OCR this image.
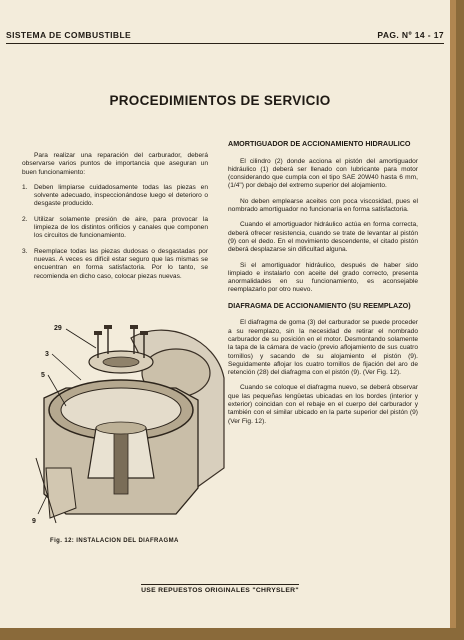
SISTEMA DE COMBUSTIBLE	PAG. Nº 14 - 17
PROCEDIMIENTOS DE SERVICIO

Para realizar una reparación del carburador, deberá observarse varios puntos de importancia que aseguran un buen funcionamiento:

1. Deben limpiarse cuidadosamente todas las piezas en solvente adecuado, inspeccionándose luego el deterioro o desgaste producido.
2. Utilizar solamente presión de aire, para provocar la limpieza de los distintos orificios y canales que componen los circuitos de funcionamiento.
3. Reemplace todas las piezas dudosas o desgastadas por nuevas. A veces es difícil estar seguro que las mismas se encuentran en forma satisfactoria. Por lo tanto, se recomienda en dicho caso, colocar piezas nuevas.
29
3
5
9
Fig. 12: INSTALACION DEL DIAFRAGMA
AMORTIGUADOR DE ACCIONAMIENTO HIDRAULICO

El cilindro (2) donde acciona el pistón del amortiguador hidráulico (1) deberá ser llenado con lubricante para motor (considerando que cumpla con el tipo SAE 20W40 hasta 6 mm, (1/4") por debajo del extremo superior del alojamiento.

No deben emplearse aceites con poca viscosidad, pues el nombrado amortiguador no funcionaría en forma satisfactoria.

Cuando el amortiguador hidráulico actúa en forma correcta, deberá ofrecer resistencia, cuando se trate de levantar al pistón (9) con el dedo. En el movimiento descendente, el citado pistón deberá desplazarse sin dificultad alguna.

Si el amortiguador hidráulico, después de haber sido limpiado e instalarlo con aceite del grado correcto, presenta anormalidades en su funcionamiento, es aconsejable reemplazarlo por otro nuevo.

DIAFRAGMA DE ACCIONAMIENTO (SU REEMPLAZO)

El diafragma de goma (3) del carburador se puede proceder a su reemplazo, sin la necesidad de retirar el nombrado carburador de su posición en el motor. Desmontando solamente la tapa de la cámara de vacío (previo aflojamiento de sus cuatro tornillos) y sacando de su alojamiento el pistón (9). Seguidamente aflojar los cuatro tornillos de fijación del aro de retención (28) del diafragma con el pistón (9). (Ver Fig. 12).

Cuando se coloque el diafragma nuevo, se deberá observar que las pequeñas lengüetas ubicadas en los bordes (interior y exterior) coincidan con el rebaje en el cuerpo del carburador y también con el similar ubicado en la parte superior del pistón (9) (Ver Fig. 12).

USE REPUESTOS ORIGINALES "CHRYSLER"
